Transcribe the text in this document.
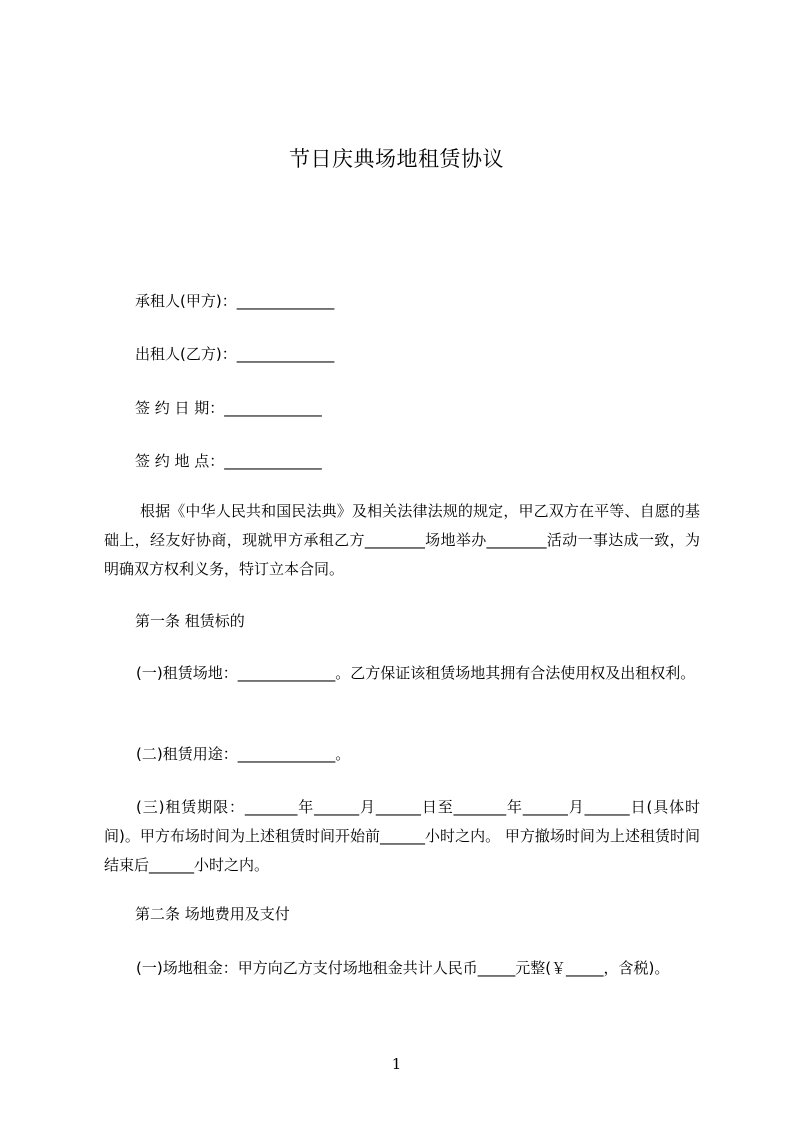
节日庆典场地租赁协议
承租人(甲方)：_____________
出租人(乙方)：_____________
签 约 日 期：_____________
签 约 地 点：_____________
根据《中华人民共和国民法典》及相关法律法规的规定，甲乙双方在平等、自愿的基础上，经友好协商，现就甲方承租乙方________场地举办________活动一事达成一致，为明确双方权利义务，特订立本合同。
第一条 租赁标的
(一)租赁场地：_____________。乙方保证该租赁场地其拥有合法使用权及出租权利。
(二)租赁用途：_____________。
(三)租赁期限：_______年______月______日至_______年______月______日(具体时间)。甲方布场时间为上述租赁时间开始前______小时之内。 甲方撤场时间为上述租赁时间结束后______小时之内。
第二条 场地费用及支付
(一)场地租金：甲方向乙方支付场地租金共计人民币_____元整(￥_____，含税)。
1
